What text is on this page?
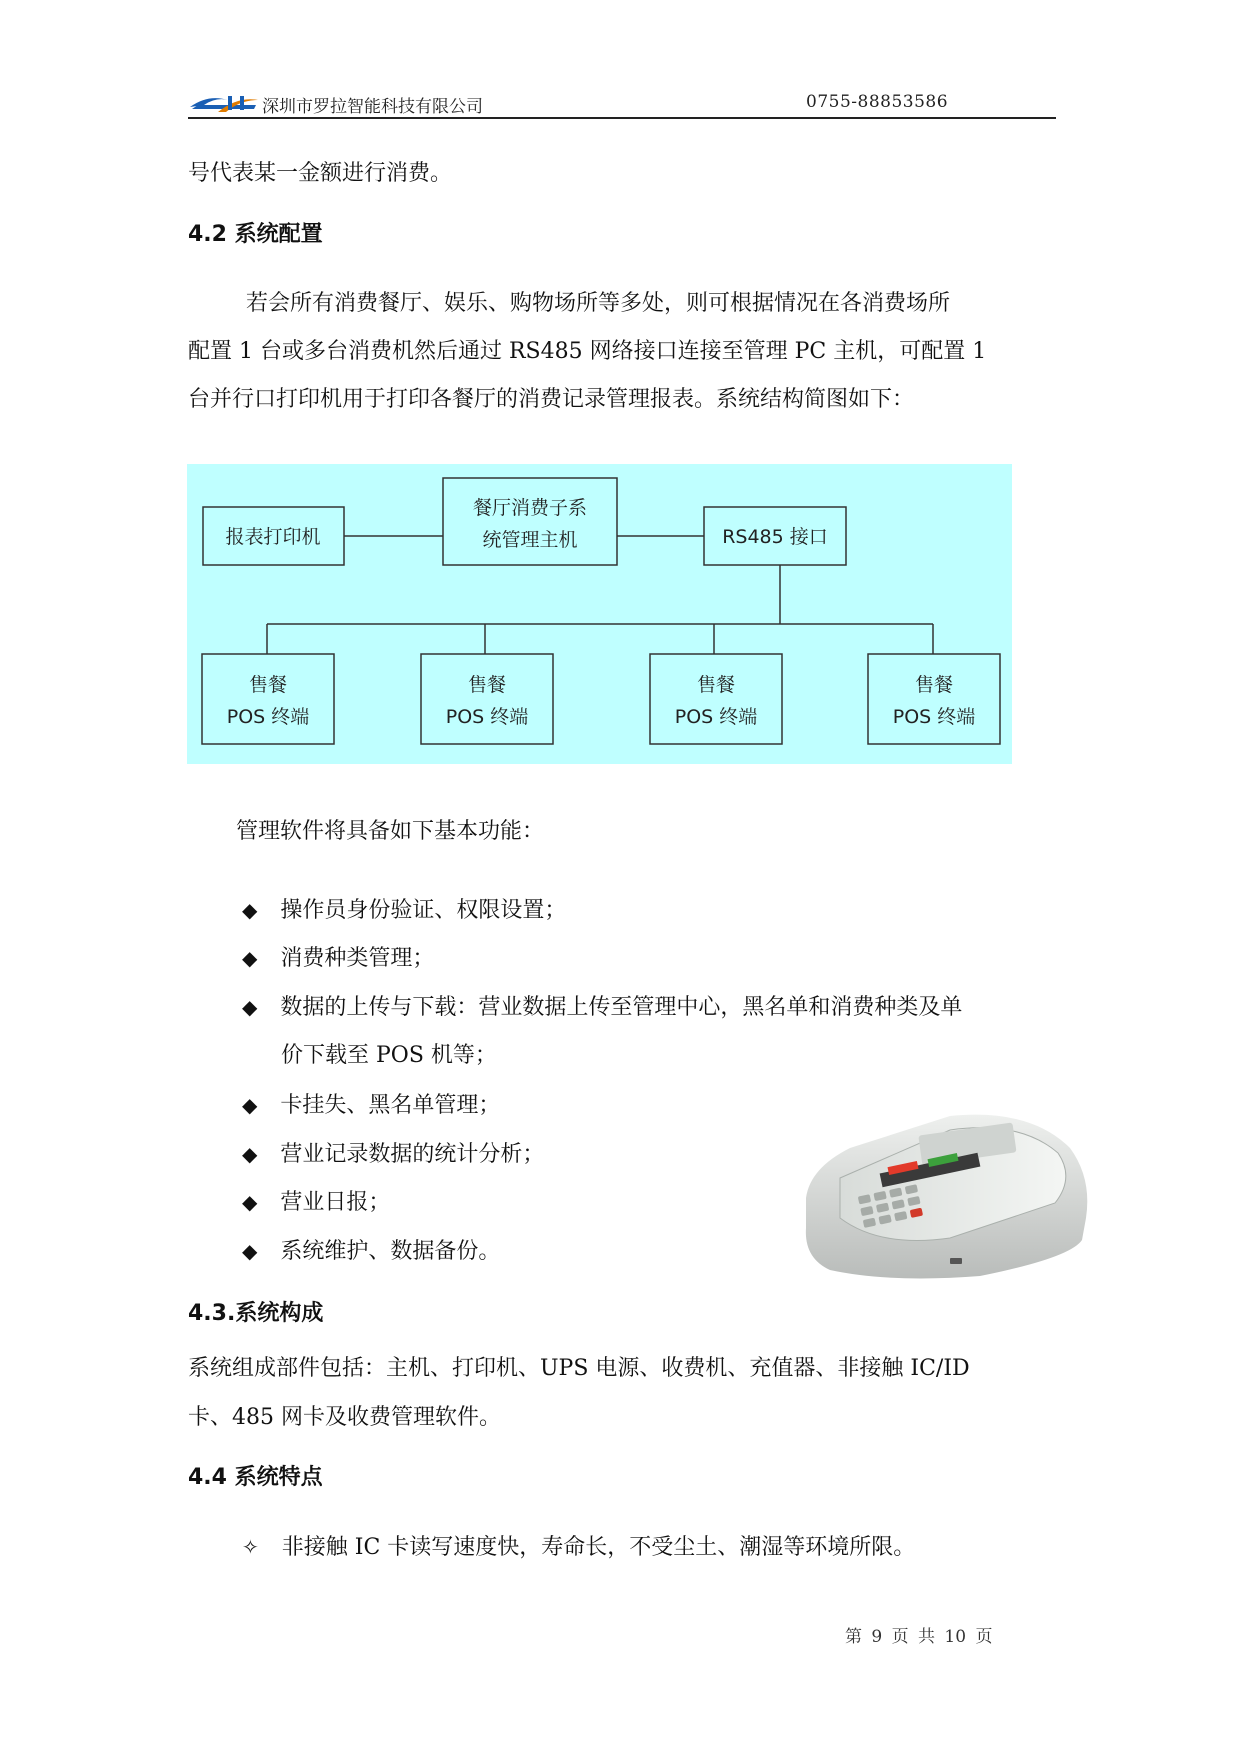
深圳市罗拉智能科技有限公司	0755-88853586
号代表某一金额进行消费。
4.2 系统配置
若会所有消费餐厅、娱乐、购物场所等多处，则可根据情况在各消费场所
配置 1 台或多台消费机然后通过 RS485 网络接口连接至管理 PC 主机，可配置 1
台并行口打印机用于打印各餐厅的消费记录管理报表。系统结构简图如下：
报表打印机
餐厅消费子系
统管理主机	RS485 接口
售餐
POS 终端
售餐
POS 终端
售餐
POS 终端
售餐
POS 终端
管理软件将具备如下基本功能：
◆ 操作员身份验证、权限设置；
◆ 消费种类管理；
◆ 数据的上传与下载：营业数据上传至管理中心，黑名单和消费种类及单
价下载至 POS 机等；
◆ 卡挂失、黑名单管理；
◆ 营业记录数据的统计分析；
◆ 营业日报；
◆ 系统维护、数据备份。
4.3.系统构成
系统组成部件包括：主机、打印机、UPS 电源、收费机、充值器、非接触 IC/ID
卡、485 网卡及收费管理软件。
4.4 系统特点
✧ 非接触 IC 卡读写速度快，寿命长，不受尘土、潮湿等环境所限。
第 9 页 共 10 页
